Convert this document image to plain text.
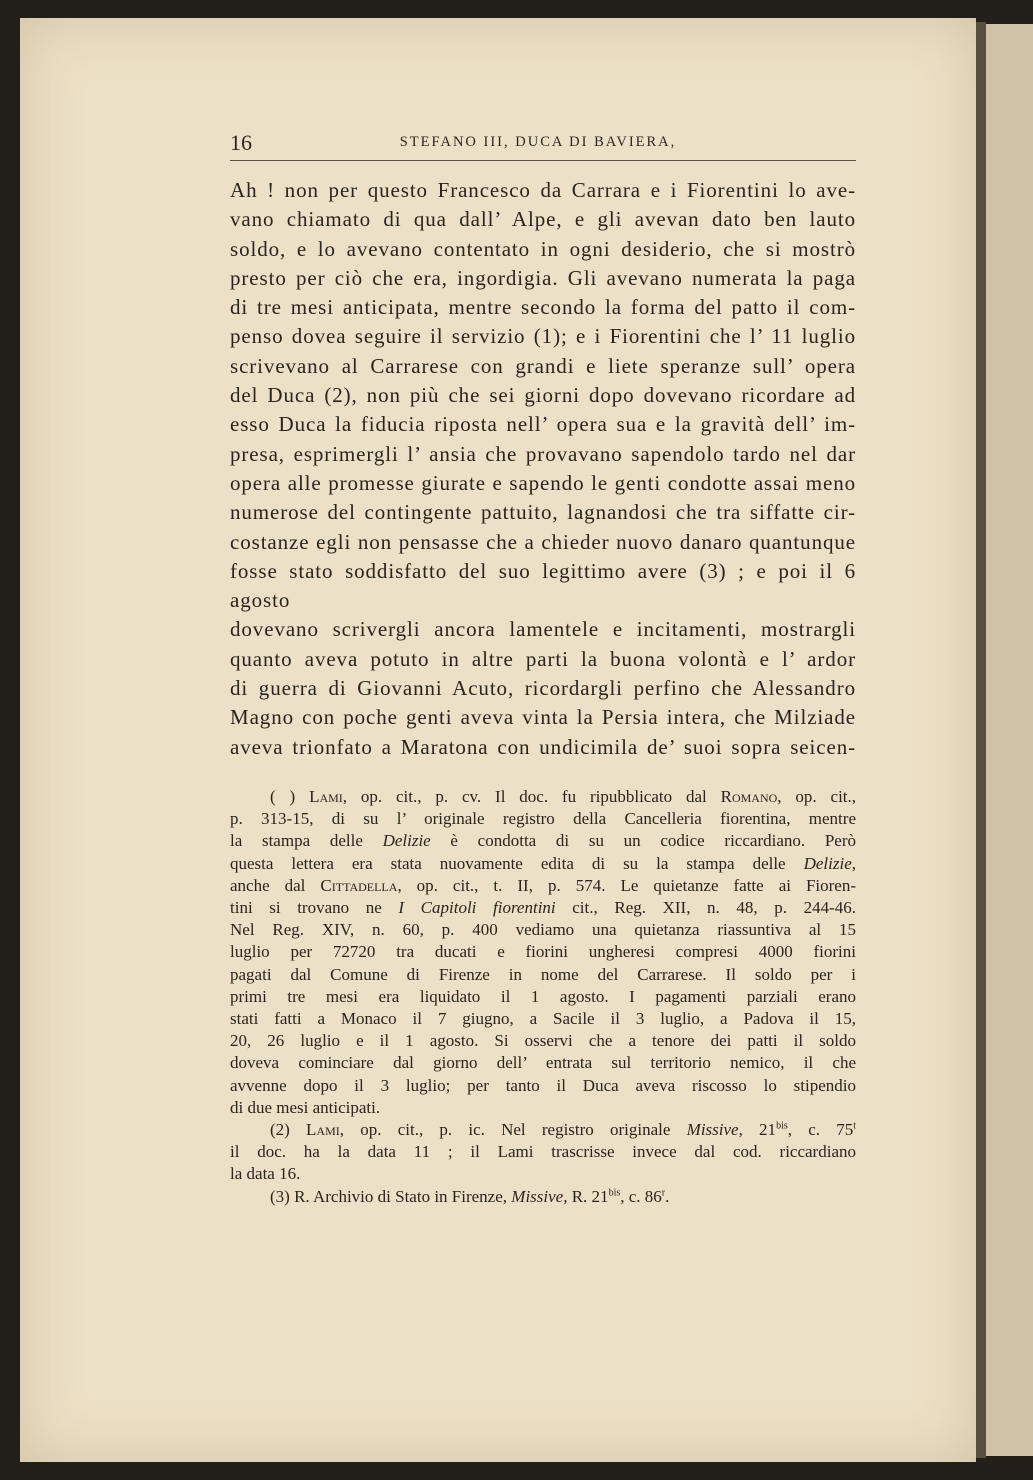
16	STEFANO III, DUCA DI BAVIERA,
Ah ! non per questo Francesco da Carrara e i Fiorentini lo ave-
vano chiamato di qua dall’ Alpe, e gli avevan dato ben lauto
soldo, e lo avevano contentato in ogni desiderio, che si mostrò
presto per ciò che era, ingordigia. Gli avevano numerata la paga
di tre mesi anticipata, mentre secondo la forma del patto il com-
penso dovea seguire il servizio (1); e i Fiorentini che l’ 11 luglio
scrivevano al Carrarese con grandi e liete speranze sull’ opera
del Duca (2), non più che sei giorni dopo dovevano ricordare ad
esso Duca la fiducia riposta nell’ opera sua e la gravità dell’ im-
presa, esprimergli l’ ansia che provavano sapendolo tardo nel dar
opera alle promesse giurate e sapendo le genti condotte assai meno
numerose del contingente pattuito, lagnandosi che tra siffatte cir-
costanze egli non pensasse che a chieder nuovo danaro quantunque
fosse stato soddisfatto del suo legittimo avere (3) ; e poi il 6 agosto
dovevano scrivergli ancora lamentele e incitamenti, mostrargli
quanto aveva potuto in altre parti la buona volontà e l’ ardor
di guerra di Giovanni Acuto, ricordargli perfino che Alessandro
Magno con poche genti aveva vinta la Persia intera, che Milziade
aveva trionfato a Maratona con undicimila de’ suoi sopra seicen-
( ) Lami, op. cit., p. cv. Il doc. fu ripubblicato dal Romano, op. cit.,
p. 313-15, di su l’ originale registro della Cancelleria fiorentina, mentre
la stampa delle Delizie è condotta di su un codice riccardiano. Però
questa lettera era stata nuovamente edita di su la stampa delle Delizie,
anche dal Cittadella, op. cit., t. II, p. 574. Le quietanze fatte ai Fioren-
tini si trovano ne I Capitoli fiorentini cit., Reg. XII, n. 48, p. 244-46.
Nel Reg. XIV, n. 60, p. 400 vediamo una quietanza riassuntiva al 15
luglio per 72720 tra ducati e fiorini ungheresi compresi 4000 fiorini
pagati dal Comune di Firenze in nome del Carrarese. Il soldo per i
primi tre mesi era liquidato il 1 agosto. I pagamenti parziali erano
stati fatti a Monaco il 7 giugno, a Sacile il 3 luglio, a Padova il 15,
20, 26 luglio e il 1 agosto. Si osservi che a tenore dei patti il soldo
doveva cominciare dal giorno dell’ entrata sul territorio nemico, il che
avvenne dopo il 3 luglio; per tanto il Duca aveva riscosso lo stipendio
di due mesi anticipati.
(2) Lami, op. cit., p. ic. Nel registro originale Missive, $21^{bis}$, c. 75$^t$
il doc. ha la data 11 ; il Lami trascrisse invece dal cod. riccardiano
la data 16.
(3) R. Archivio di Stato in Firenze, Missive, R. $21^{bis}$, c. 86$^r$.
